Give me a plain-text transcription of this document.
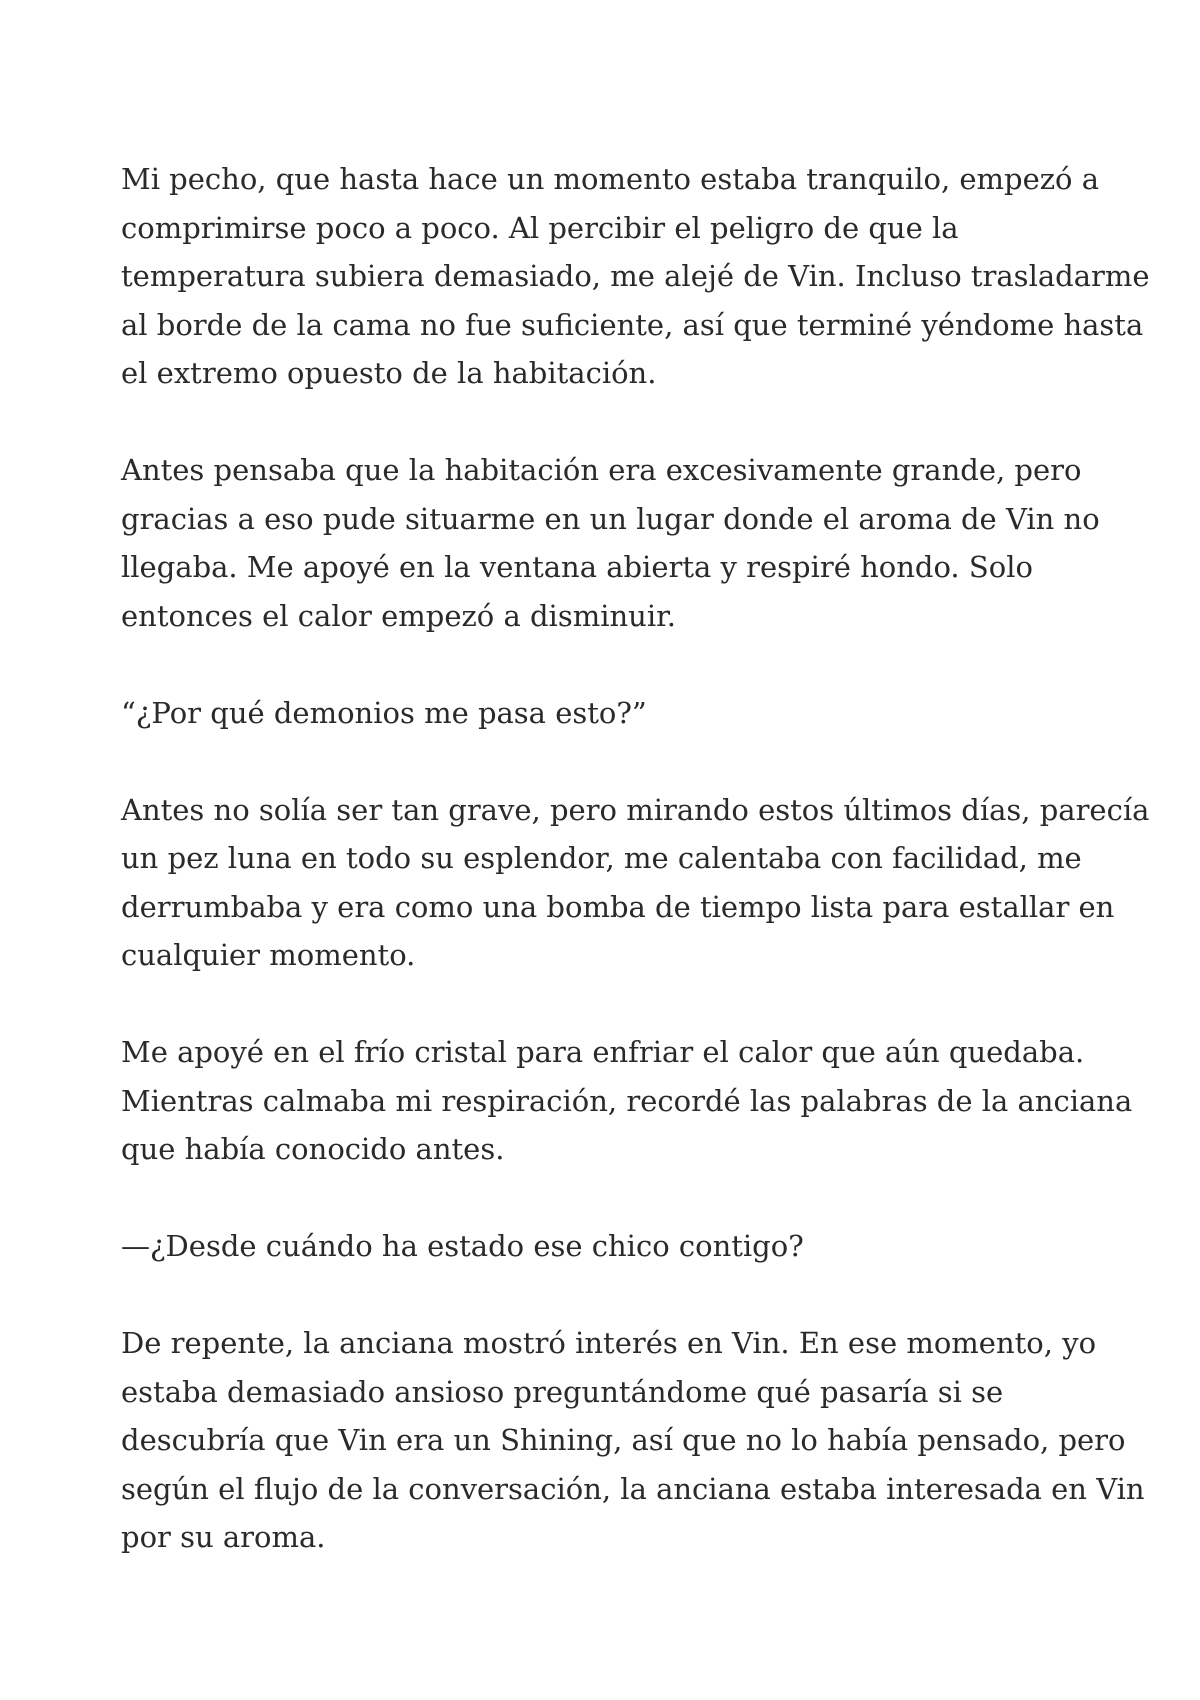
Mi pecho, que hasta hace un momento estaba tranquilo, empezó a
comprimirse poco a poco. Al percibir el peligro de que la
temperatura subiera demasiado, me alejé de Vin. Incluso trasladarme
al borde de la cama no fue suficiente, así que terminé yéndome hasta
el extremo opuesto de la habitación.

Antes pensaba que la habitación era excesivamente grande, pero
gracias a eso pude situarme en un lugar donde el aroma de Vin no
llegaba. Me apoyé en la ventana abierta y respiré hondo. Solo
entonces el calor empezó a disminuir.

“¿Por qué demonios me pasa esto?”

Antes no solía ser tan grave, pero mirando estos últimos días, parecía
un pez luna en todo su esplendor, me calentaba con facilidad, me
derrumbaba y era como una bomba de tiempo lista para estallar en
cualquier momento.

Me apoyé en el frío cristal para enfriar el calor que aún quedaba.
Mientras calmaba mi respiración, recordé las palabras de la anciana
que había conocido antes.

—¿Desde cuándo ha estado ese chico contigo?

De repente, la anciana mostró interés en Vin. En ese momento, yo
estaba demasiado ansioso preguntándome qué pasaría si se
descubría que Vin era un Shining, así que no lo había pensado, pero
según el flujo de la conversación, la anciana estaba interesada en Vin
por su aroma.
